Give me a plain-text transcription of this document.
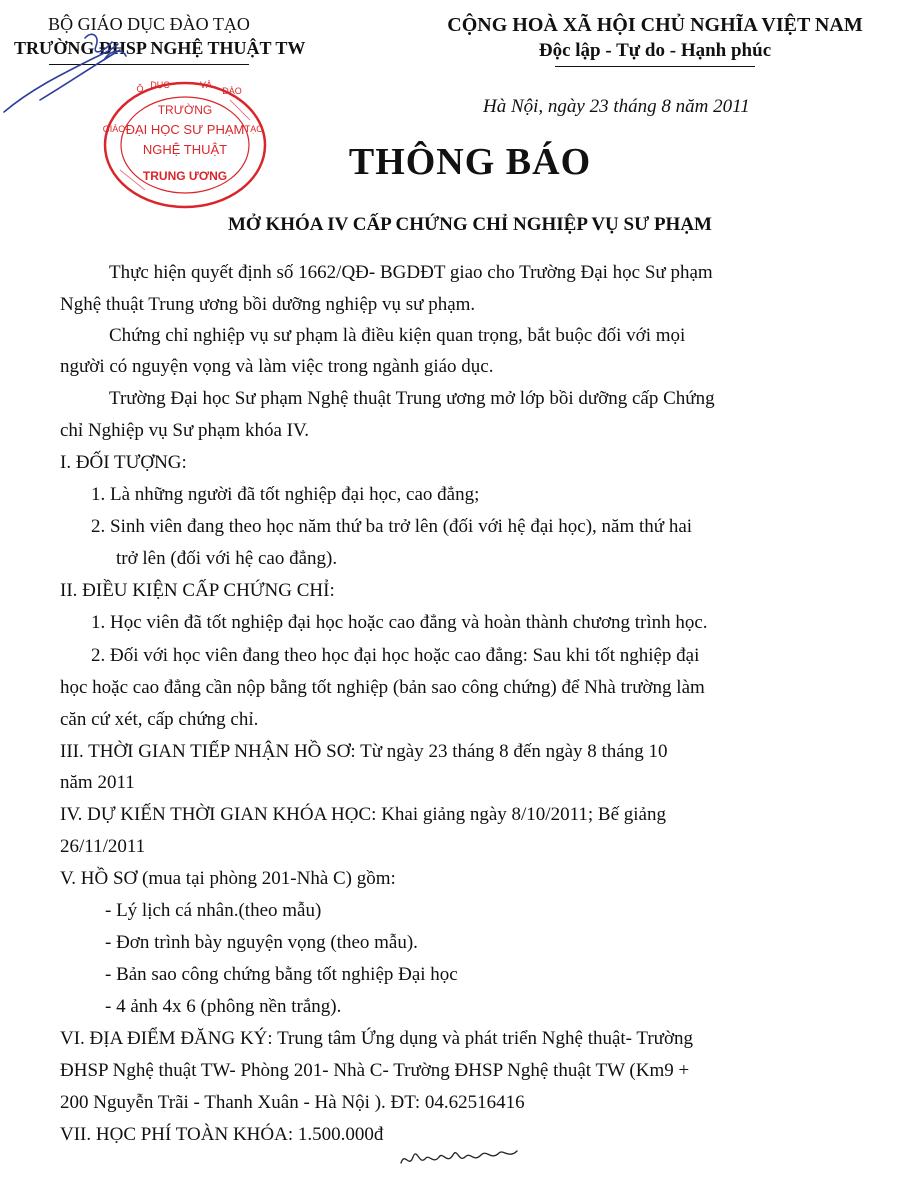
BỘ GIÁO DỤC ĐÀO TẠO
TRƯỜNG ĐHSP NGHỆ THUẬT TW
CỘNG HOÀ XÃ HỘI CHỦ NGHĨA VIỆT NAM
Độc lập - Tự do - Hạnh phúc
TRƯỜNG
ĐẠI HỌC SƯ PHẠM
NGHỆ THUẬT
TRUNG ƯƠNG
Ộ DỤC	VÀ
ĐÀO
GIÁO	TẠO
Hà Nội, ngày 23 tháng 8 năm 2011
THÔNG BÁO
MỞ KHÓA IV CẤP CHỨNG CHỈ NGHIỆP VỤ SƯ PHẠM
Thực hiện quyết định số 1662/QĐ- BGDĐT giao cho Trường Đại học Sư phạm
Nghệ thuật Trung ương bồi dưỡng nghiệp vụ sư phạm.
Chứng chỉ nghiệp vụ sư phạm là điều kiện quan trọng, bắt buộc đối với mọi
người có nguyện vọng và làm việc trong ngành giáo dục.
Trường Đại học Sư phạm Nghệ thuật Trung ương mở lớp bồi dưỡng cấp Chứng
chỉ Nghiệp vụ Sư phạm khóa IV.
I. ĐỐI TƯỢNG:
1. Là những người đã tốt nghiệp đại học, cao đẳng;
2. Sinh viên đang theo học năm thứ ba trở lên (đối với hệ đại học), năm thứ hai
trở lên (đối với hệ cao đẳng).
II. ĐIỀU KIỆN CẤP CHỨNG CHỈ:
1. Học viên đã tốt nghiệp đại học hoặc cao đẳng và hoàn thành chương trình học.
2. Đối với học viên đang theo học đại học hoặc cao đẳng: Sau khi tốt nghiệp đại
học hoặc cao đẳng cần nộp bằng tốt nghiệp (bản sao công chứng) để Nhà trường làm
căn cứ xét, cấp chứng chỉ.
III. THỜI GIAN TIẾP NHẬN HỒ SƠ: Từ ngày 23 tháng 8 đến ngày 8 tháng 10
năm 2011
IV. DỰ KIẾN THỜI GIAN KHÓA HỌC: Khai giảng ngày 8/10/2011; Bế giảng
26/11/2011
V. HỒ SƠ (mua tại phòng 201-Nhà C) gồm:
- Lý lịch cá nhân.(theo mẫu)
- Đơn trình bày nguyện vọng (theo mẫu).
- Bản sao công chứng bằng tốt nghiệp Đại học
- 4 ảnh 4x 6 (phông nền trắng).
VI. ĐỊA ĐIỂM ĐĂNG KÝ: Trung tâm Ứng dụng và phát triển Nghệ thuật- Trường
ĐHSP Nghệ thuật TW- Phòng 201- Nhà C- Trường ĐHSP Nghệ thuật TW (Km9 +
200 Nguyễn Trãi - Thanh Xuân - Hà Nội ). ĐT: 04.62516416
VII. HỌC PHÍ TOÀN KHÓA: 1.500.000đ
